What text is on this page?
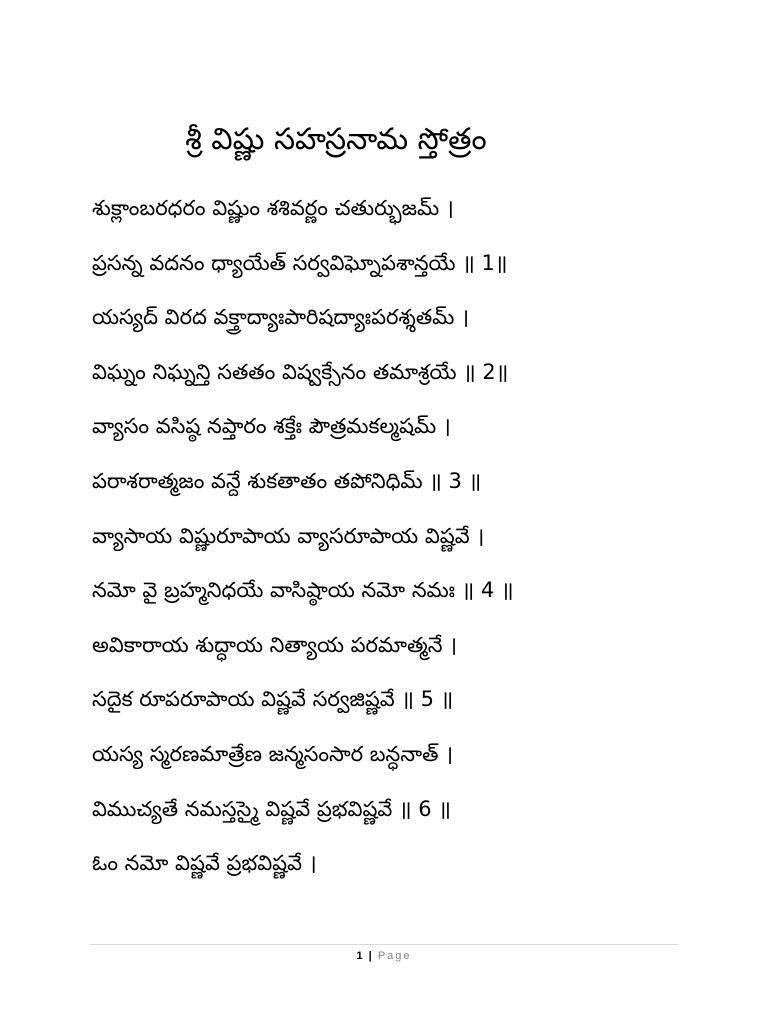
శ్రీ విష్ణు సహస్రనామ స్తోత్రం
శుక్లాంబరధరం విష్ణుం శశివర్ణం చతుర్భుజమ్ ।
ప్రసన్న వదనం ధ్యాయేత్ సర్వవిఘ్నోపశాన్తయే ॥ 1॥
యస్యద్ విరద వక్త్రాద్యాఃపారిషద్యాఃపరశ్శతమ్ ।
విఘ్నం నిఘ్నన్తి సతతం విష్వక్సేనం తమాశ్రయే ॥ 2॥
వ్యాసం వసిష్ఠ నప్తారం శక్తేః పౌత్రమకల్మషమ్ ।
పరాశరాత్మజం వన్దే శుకతాతం తపోనిధిమ్ ॥ 3 ॥
వ్యాసాయ విష్ణురూపాయ వ్యాసరూపాయ విష్ణవే ।
నమో వై బ్రహ్మనిధయే వాసిష్ఠాయ నమో నమః ॥ 4 ॥
అవికారాయ శుద్ధాయ నిత్యాయ పరమాత్మనే ।
సదైక రూపరూపాయ విష్ణవే సర్వజిష్ణవే ॥ 5 ॥
యస్య స్మరణమాత్రేణ జన్మసంసార బన్ధనాత్ ।
విముచ్యతే నమస్తస్మై విష్ణవే ప్రభవిష్ణవే ॥ 6 ॥
ఓం నమో విష్ణవే ప్రభవిష్ణవే ।
1 | Page
